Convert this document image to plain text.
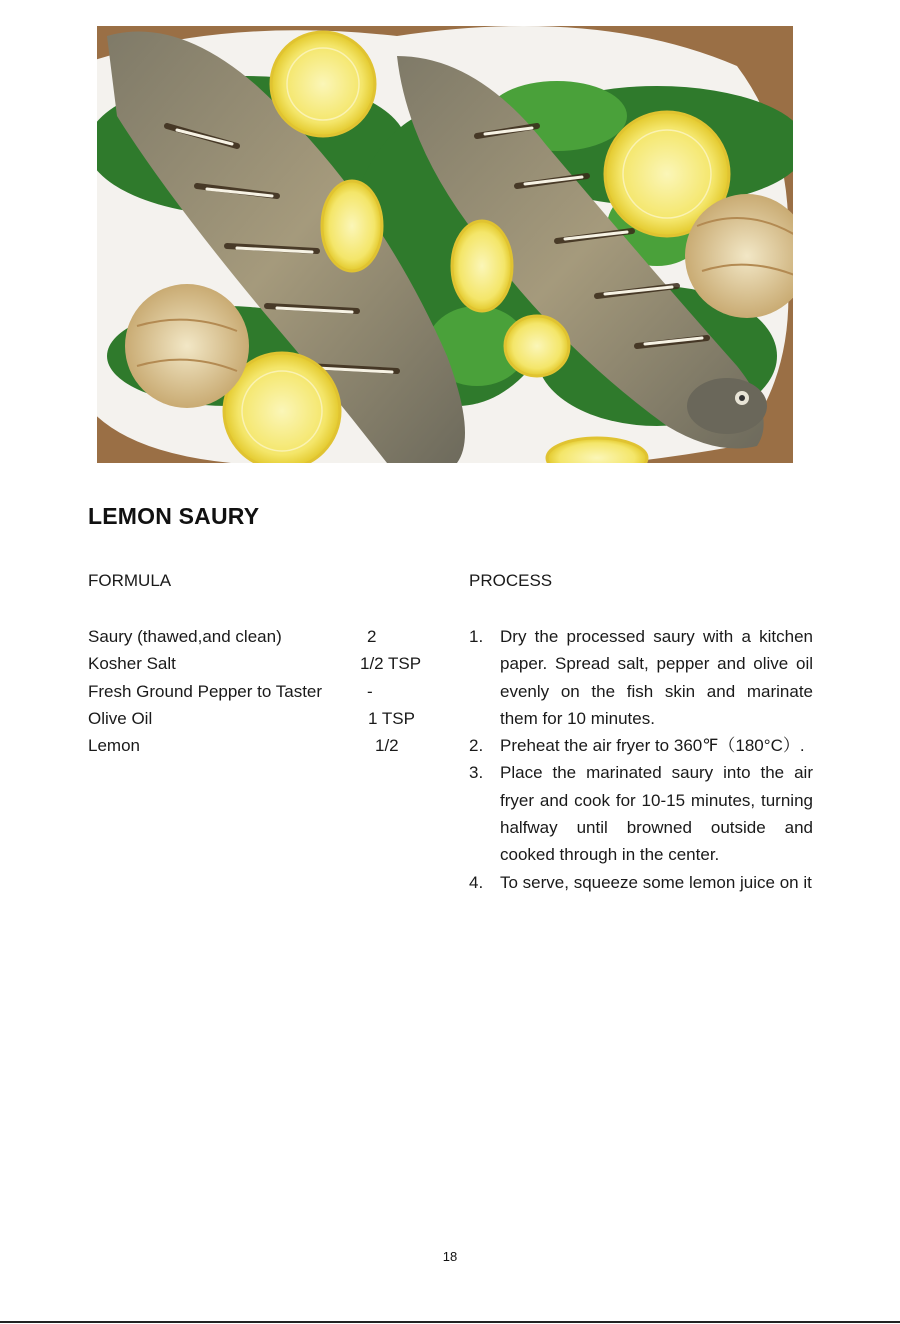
LEMON SAURY
FORMULA	PROCESS
Saury (thawed,and clean)	2
Kosher Salt	1/2 TSP
Fresh Ground Pepper to Taster	-
Olive Oil	1 TSP
Lemon	1/2
1. Dry the processed saury with a kitchen paper. Spread salt, pepper and olive oil evenly on the fish skin and marinate them for 10 minutes.
2. Preheat the air fryer to 360℉（180°C）.
3. Place the marinated saury into the air fryer and cook for 10-15 minutes, turning halfway until browned outside and cooked through in the center.
4. To serve, squeeze some lemon juice on it
18
